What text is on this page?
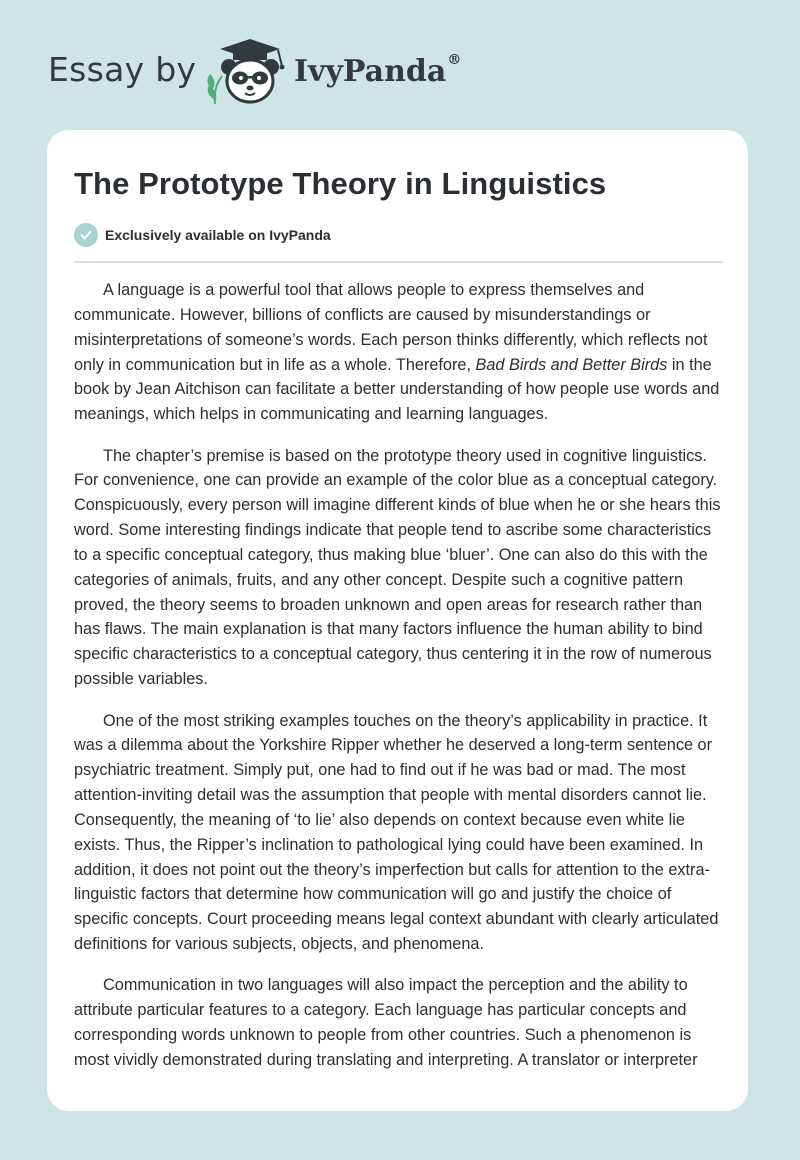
Essay by	IvyPanda®
The Prototype Theory in Linguistics
Exclusively available on IvyPanda

A language is a powerful tool that allows people to express themselves and communicate. However, billions of conflicts are caused by misunderstandings or misinterpretations of someone’s words. Each person thinks differently, which reflects not only in communication but in life as a whole. Therefore, Bad Birds and Better Birds in the book by Jean Aitchison can facilitate a better understanding of how people use words and meanings, which helps in communicating and learning languages.

The chapter’s premise is based on the prototype theory used in cognitive linguistics. For convenience, one can provide an example of the color blue as a conceptual category. Conspicuously, every person will imagine different kinds of blue when he or she hears this word. Some interesting findings indicate that people tend to ascribe some characteristics to a specific conceptual category, thus making blue ‘bluer’. One can also do this with the categories of animals, fruits, and any other concept. Despite such a cognitive pattern proved, the theory seems to broaden unknown and open areas for research rather than has flaws. The main explanation is that many factors influence the human ability to bind specific characteristics to a conceptual category, thus centering it in the row of numerous possible variables.

One of the most striking examples touches on the theory’s applicability in practice. It was a dilemma about the Yorkshire Ripper whether he deserved a long-term sentence or psychiatric treatment. Simply put, one had to find out if he was bad or mad. The most attention-inviting detail was the assumption that people with mental disorders cannot lie. Consequently, the meaning of ‘to lie’ also depends on context because even white lie exists. Thus, the Ripper’s inclination to pathological lying could have been examined. In addition, it does not point out the theory’s imperfection but calls for attention to the extra-linguistic factors that determine how communication will go and justify the choice of specific concepts. Court proceeding means legal context abundant with clearly articulated definitions for various subjects, objects, and phenomena.

Communication in two languages will also impact the perception and the ability to attribute particular features to a category. Each language has particular concepts and corresponding words unknown to people from other countries. Such a phenomenon is most vividly demonstrated during translating and interpreting. A translator or interpreter
